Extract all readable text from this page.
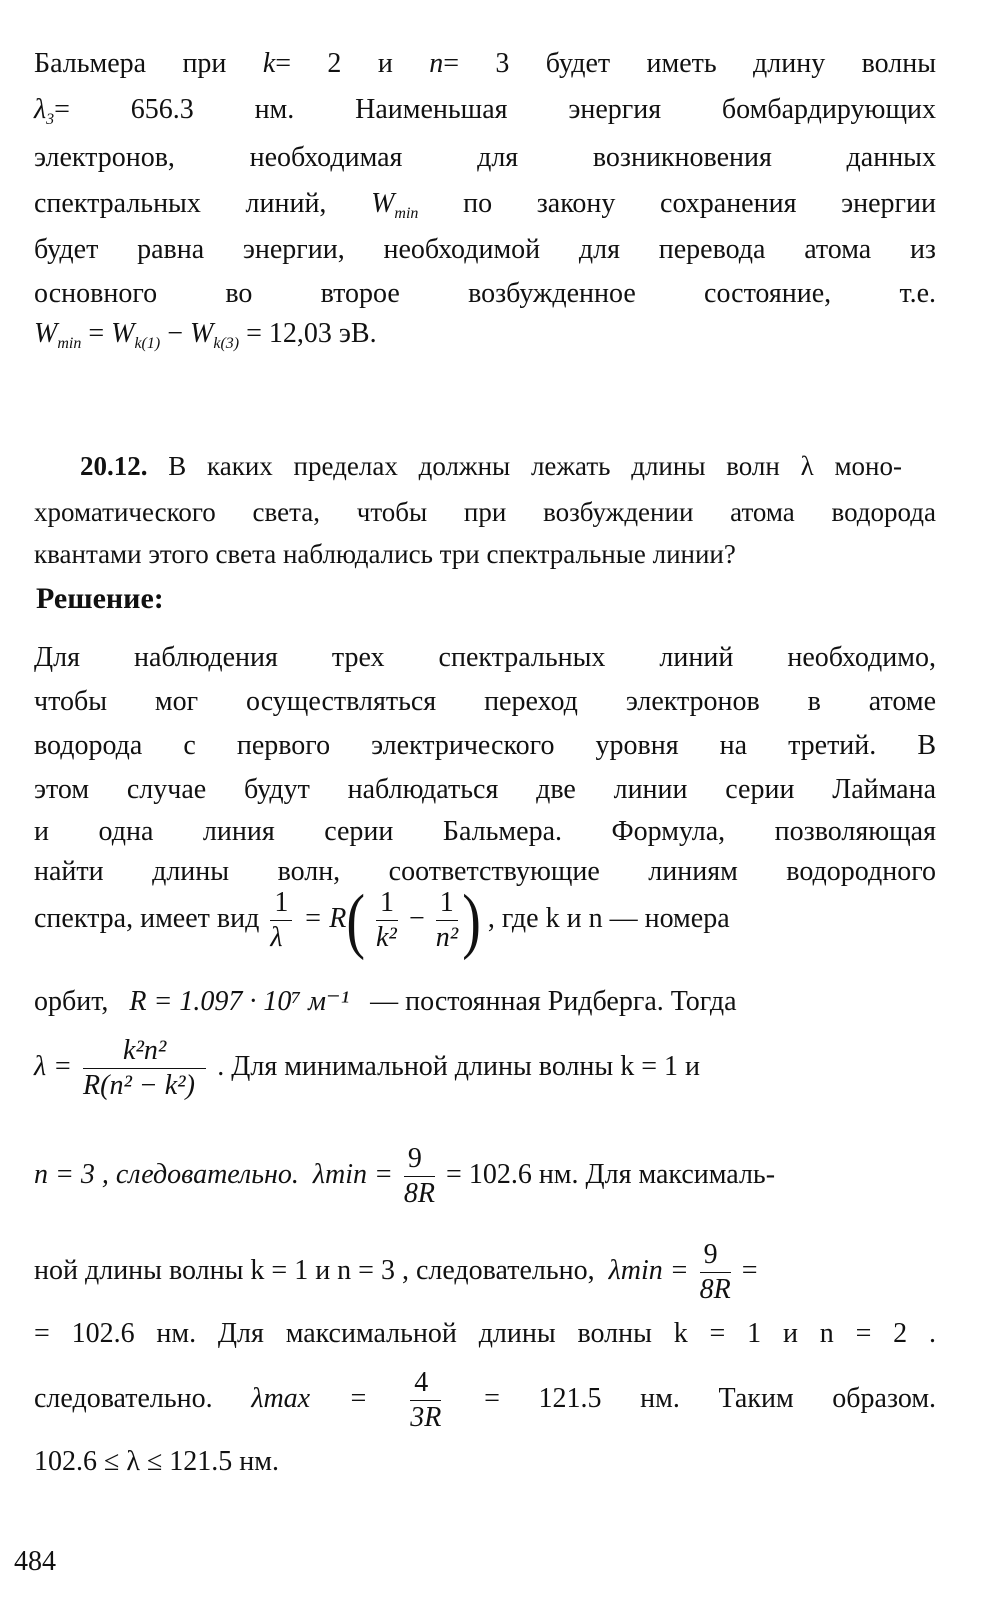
Бальмера при k= 2 и n= 3 будет иметь длину волны
$\lambda_3= 656.3$ нм. Наименьшая энергия бомбардирующих
электронов, необходимая для возникновения данных
спектральных линий, $W_{min}$ по закону сохранения энергии
будет равна энергии, необходимой для перевода атома из
основного во второе возбужденное состояние, т.е.
$W_{min} = W_{k(1)} - W_{k(3)} = 12,03$ эВ.
20.12. В каких пределах должны лежать длины волн λ моно-
хроматического света, чтобы при возбуждении атома водорода
квантами этого света наблюдались три спектральные линии?
Решение:
Для наблюдения трех спектральных линий необходимо,
чтобы мог осуществляться переход электронов в атоме
водорода с первого электрического уровня на третий. В
этом случае будут наблюдаться две линии серии Лаймана
и одна линия серии Бальмера. Формула, позволяющая
найти длины волн, соответствующие линиям водородного
спектра, имеет вид $\frac{1}{\lambda} = R( \frac{1}{\text{k²}} - \frac{1}{\text{n²}}$ ) , где k и n — номера
орбит, R = 1.097 · 10⁷ м⁻¹ — постоянная Ридберга. Тогда
$\lambda = \frac{\text{k²n²}}{\text{R(n² − k²)}}$ . Для минимальной длины волны k = 1 и
n = 3 , следовательно. $\lambda\min = \frac{9}{8R} = 102.6$ нм. Для максималь-
ной длины волны k = 1 и n = 3 , следовательно, $\lambda\min = \frac{9}{8R}$ =
= 102.6 нм. Для максимальной длины волны k = 1 и n = 2 .
следовательно. $\lambda\max = \frac{4}{3R} = 121.5$ нм. Таким образом.
102.6 ≤ λ ≤ 121.5 нм.
484
